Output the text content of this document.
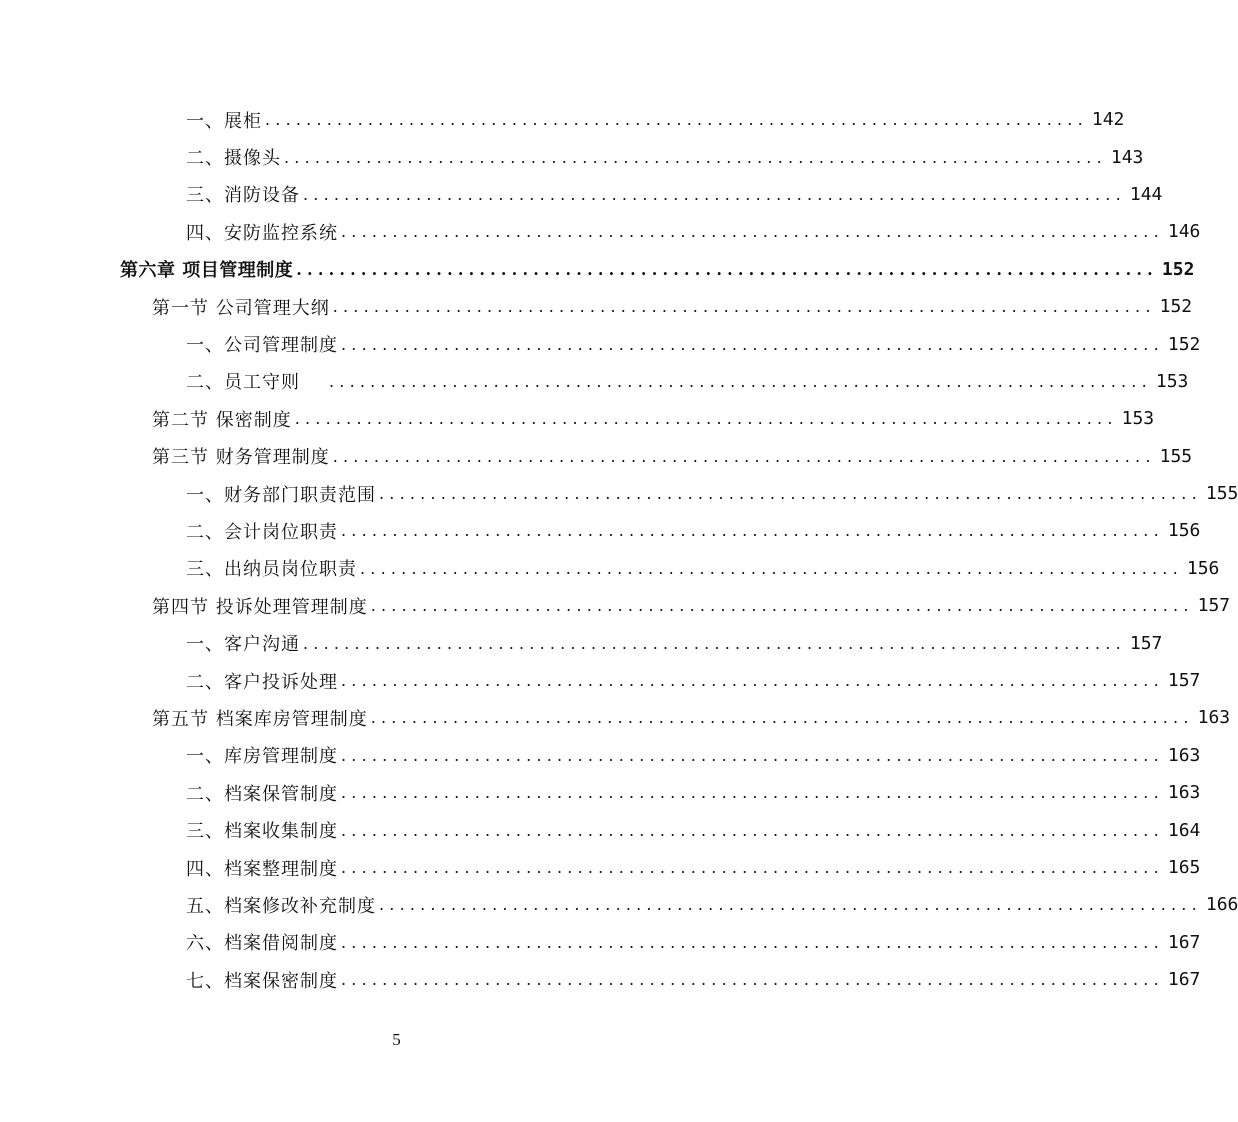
一、展柜 ................................................................................ 142
二、摄像头 ................................................................................ 143
三、消防设备 ................................................................................ 144
四、安防监控系统 ................................................................................ 146
第六章 项目管理制度 ................................................................................ 152
第一节 公司管理大纲 ................................................................................ 152
一、公司管理制度 ................................................................................ 152
二、员工守则 ................................................................................ 153
第二节 保密制度 ................................................................................ 153
第三节 财务管理制度 ................................................................................ 155
一、财务部门职责范围 ................................................................................ 155
二、会计岗位职责 ................................................................................ 156
三、出纳员岗位职责 ................................................................................ 156
第四节 投诉处理管理制度 ................................................................................ 157
一、客户沟通 ................................................................................ 157
二、客户投诉处理 ................................................................................ 157
第五节 档案库房管理制度 ................................................................................ 163
一、库房管理制度 ................................................................................ 163
二、档案保管制度 ................................................................................ 163
三、档案收集制度 ................................................................................ 164
四、档案整理制度 ................................................................................ 165
五、档案修改补充制度 ................................................................................ 166
六、档案借阅制度 ................................................................................ 167
七、档案保密制度 ................................................................................ 167
5
